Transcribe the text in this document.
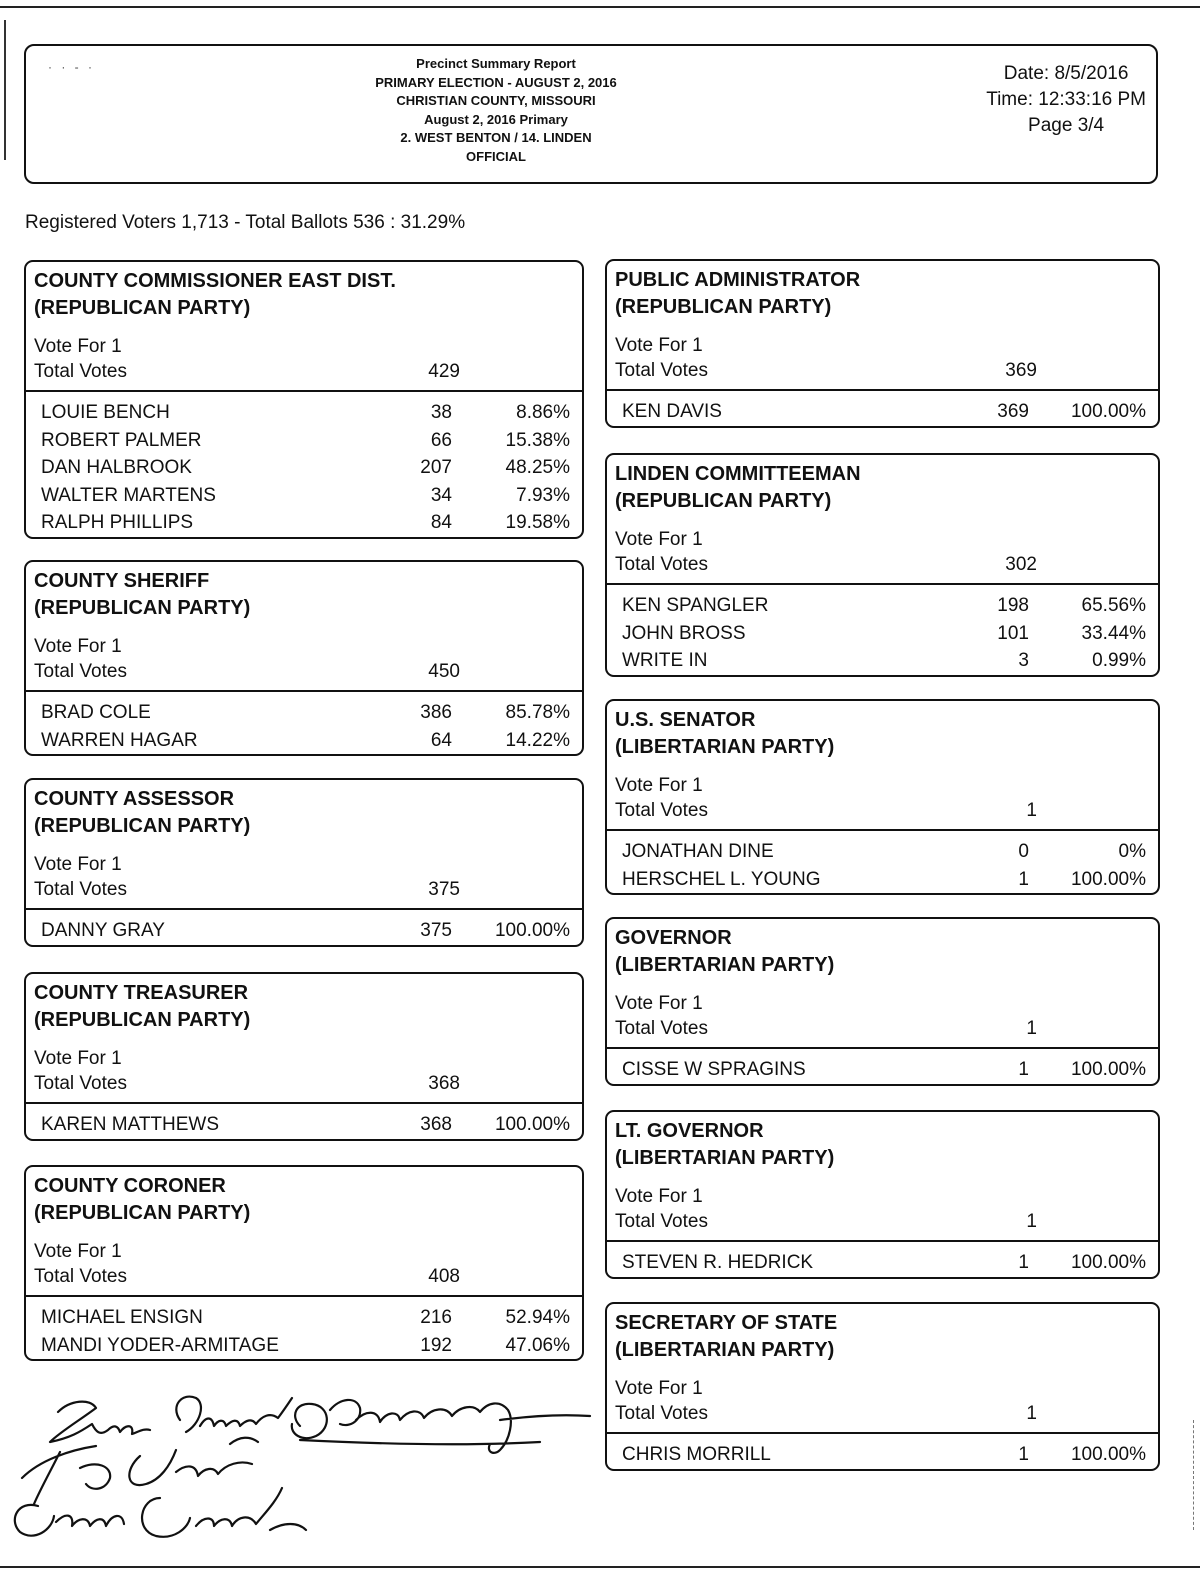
· · - ·	Precinct Summary Report
PRIMARY ELECTION - AUGUST 2, 2016
CHRISTIAN COUNTY, MISSOURI
August 2, 2016 Primary
2. WEST BENTON / 14. LINDEN
OFFICIAL
Date: 8/5/2016
Time: 12:33:16 PM
Page 3/4
Registered Voters 1,713 - Total Ballots 536 : 31.29%
COUNTY COMMISSIONER EAST DIST.
(REPUBLICAN PARTY)
Vote For 1
Total Votes	429
LOUIE BENCH	38	8.86%
ROBERT PALMER	66	15.38%
DAN HALBROOK	207	48.25%
WALTER MARTENS	34	7.93%
RALPH PHILLIPS	84	19.58%
COUNTY SHERIFF
(REPUBLICAN PARTY)
Vote For 1
Total Votes	450
BRAD COLE	386	85.78%
WARREN HAGAR	64	14.22%
COUNTY ASSESSOR
(REPUBLICAN PARTY)
Vote For 1
Total Votes	375
DANNY GRAY	375	100.00%
COUNTY TREASURER
(REPUBLICAN PARTY)
Vote For 1
Total Votes	368
KAREN MATTHEWS	368	100.00%
COUNTY CORONER
(REPUBLICAN PARTY)
Vote For 1
Total Votes	408
MICHAEL ENSIGN	216	52.94%
MANDI YODER-ARMITAGE	192	47.06%
PUBLIC ADMINISTRATOR
(REPUBLICAN PARTY)
Vote For 1
Total Votes	369
KEN DAVIS	369	100.00%
LINDEN COMMITTEEMAN
(REPUBLICAN PARTY)
Vote For 1
Total Votes	302
KEN SPANGLER	198	65.56%
JOHN BROSS	101	33.44%
WRITE IN	3	0.99%
U.S. SENATOR
(LIBERTARIAN PARTY)
Vote For 1
Total Votes	1
JONATHAN DINE	0	0%
HERSCHEL L. YOUNG	1	100.00%
GOVERNOR
(LIBERTARIAN PARTY)
Vote For 1
Total Votes	1
CISSE W SPRAGINS	1	100.00%
LT. GOVERNOR
(LIBERTARIAN PARTY)
Vote For 1
Total Votes	1
STEVEN R. HEDRICK	1	100.00%
SECRETARY OF STATE
(LIBERTARIAN PARTY)
Vote For 1
Total Votes	1
CHRIS MORRILL	1	100.00%
